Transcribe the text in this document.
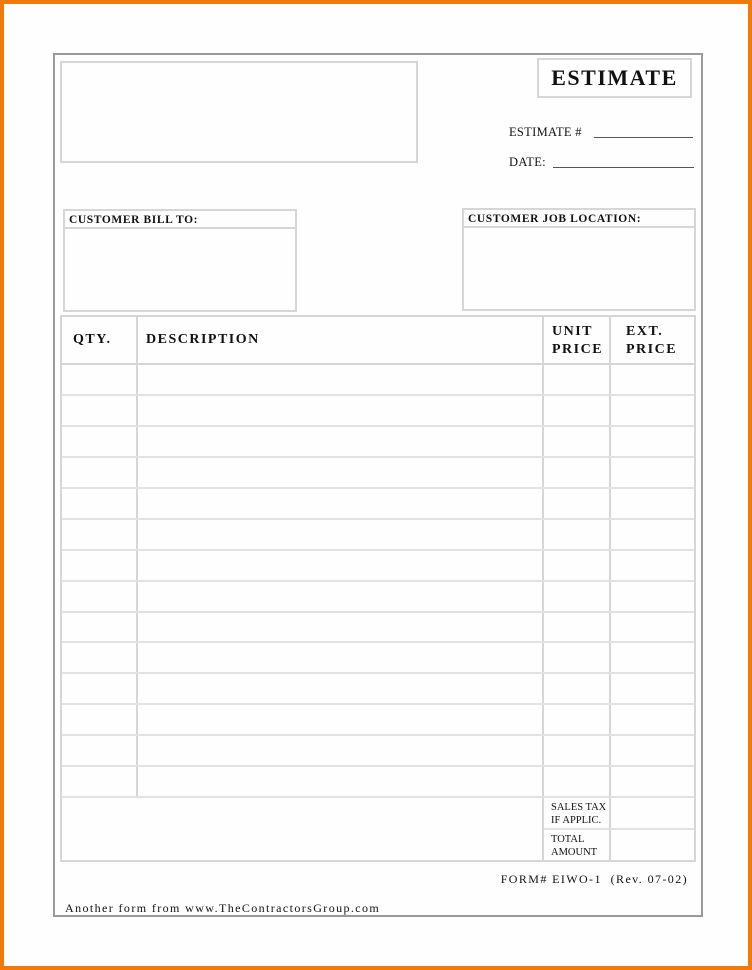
ESTIMATE
ESTIMATE #
DATE:
CUSTOMER BILL TO:	CUSTOMER JOB LOCATION:
QTY. DESCRIPTION
UNIT
PRICE
EXT.
PRICE
SALES TAX
IF APPLIC.
TOTAL
AMOUNT
FORM# EIWO-1  (Rev. 07-02)
Another form from www.TheContractorsGroup.com
